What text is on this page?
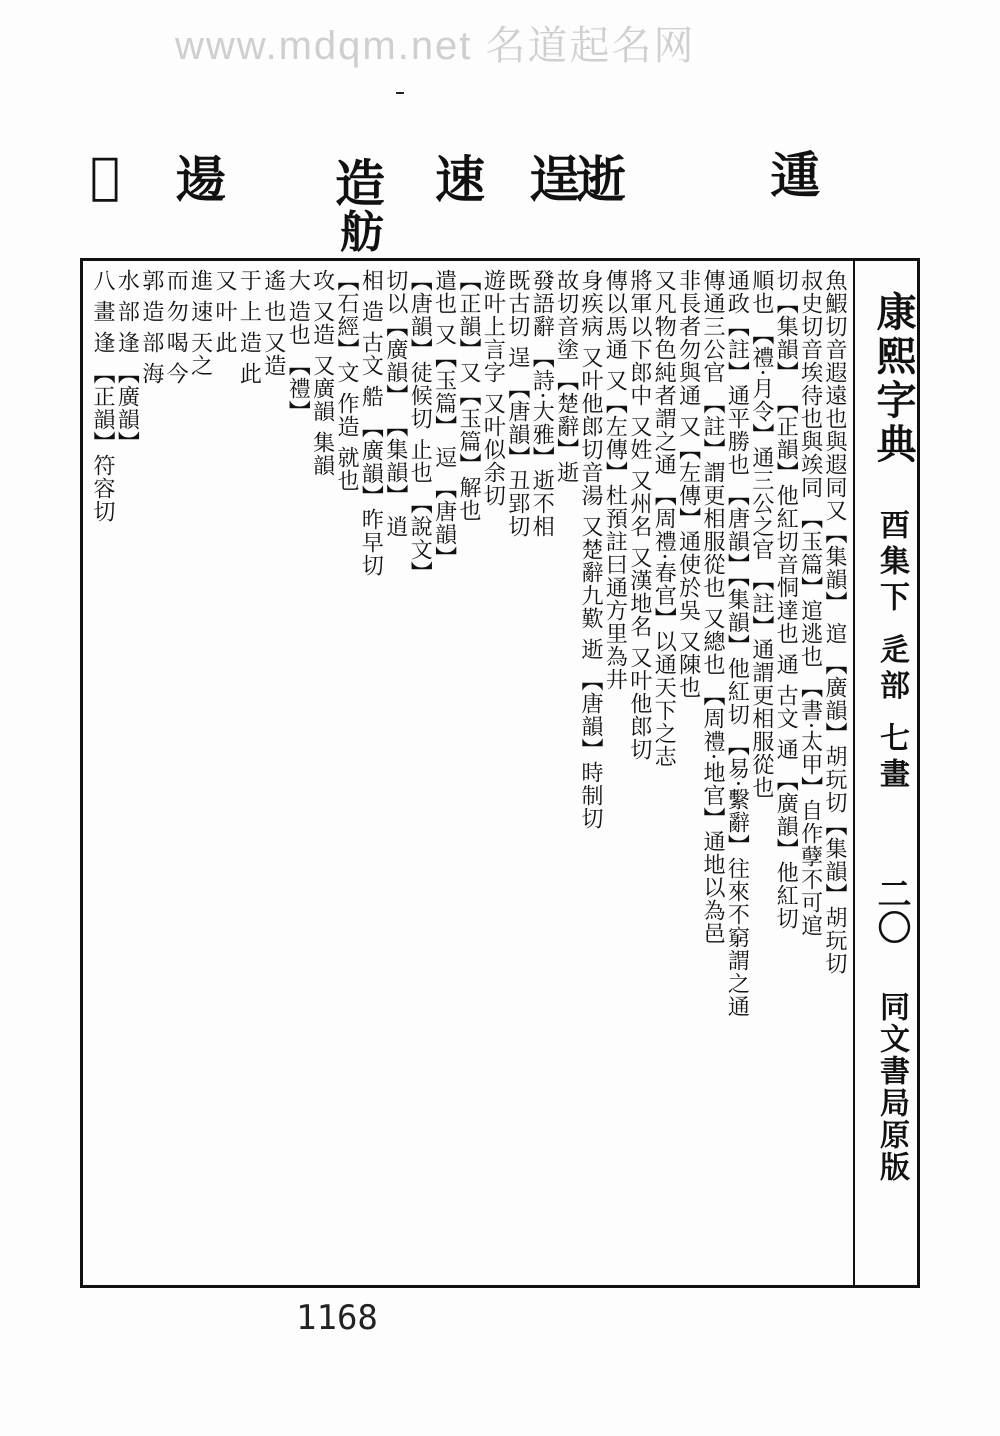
www.mdqm.net 名道起名网
𨕖 逿 造
舫
速 逞逝	𨔝
魚鰕切音遐遠也與遐同又【集韻】 逭 【廣韻】胡玩切【集韻】胡玩切
叔史切音埃待也與竢同 【玉篇】逭逃也 【書·太甲】自作孽不可逭
切【集韻】 【正韻】他紅切音恫達也 通 古文 通 【廣韻】他紅切
順也 【禮·月令】通三公之官 【註】通謂更相服從也
通政【註】通平勝也 【唐韻】【集韻】他紅切 【易·繫辭】往來不窮謂之通
傳通三公官 【註】謂更相服從也 又總也 【周禮·地官】通地以為邑
非長者勿與通 又【左傳】通使於吳 又陳也
又凡物色純者謂之通 【周禮·春官】以通天下之志
將軍以下郎中 又姓 又州名 又漢地名 又叶他郎切
傳以馬通 又【左傳】杜預註曰通方里為井
身疾病 又叶他郎切音湯 又楚辭九歎 逝 【唐韻】時制切
故切音塗 【楚辭】逝
發語辭 【詩·大雅】逝不相
既古切 逞 【唐韻】丑郢切
遊叶上言字 又叶似余切
【正韻】又【玉篇】解也
遣也 又【玉篇】 逗 【唐韻】
【唐韻】徒候切 止也 【說文】
切以【廣韻】 【集韻】 逍
相 造 古文 艁 【廣韻】昨早切
【石經】文 作造 就也
攻 又造 又廣韻 集韻
大 造也 【禮】
遙 也 又造
于 上 造 此
又 叶 此
進 速 天之
而 勿 喝 今
郭 造 部 海
水 部 逢 【廣韻】
八 畫 逢 【正韻】符容切	康熙字典
酉集下 辵部 七畫
二〇
同文書局原版
1168
